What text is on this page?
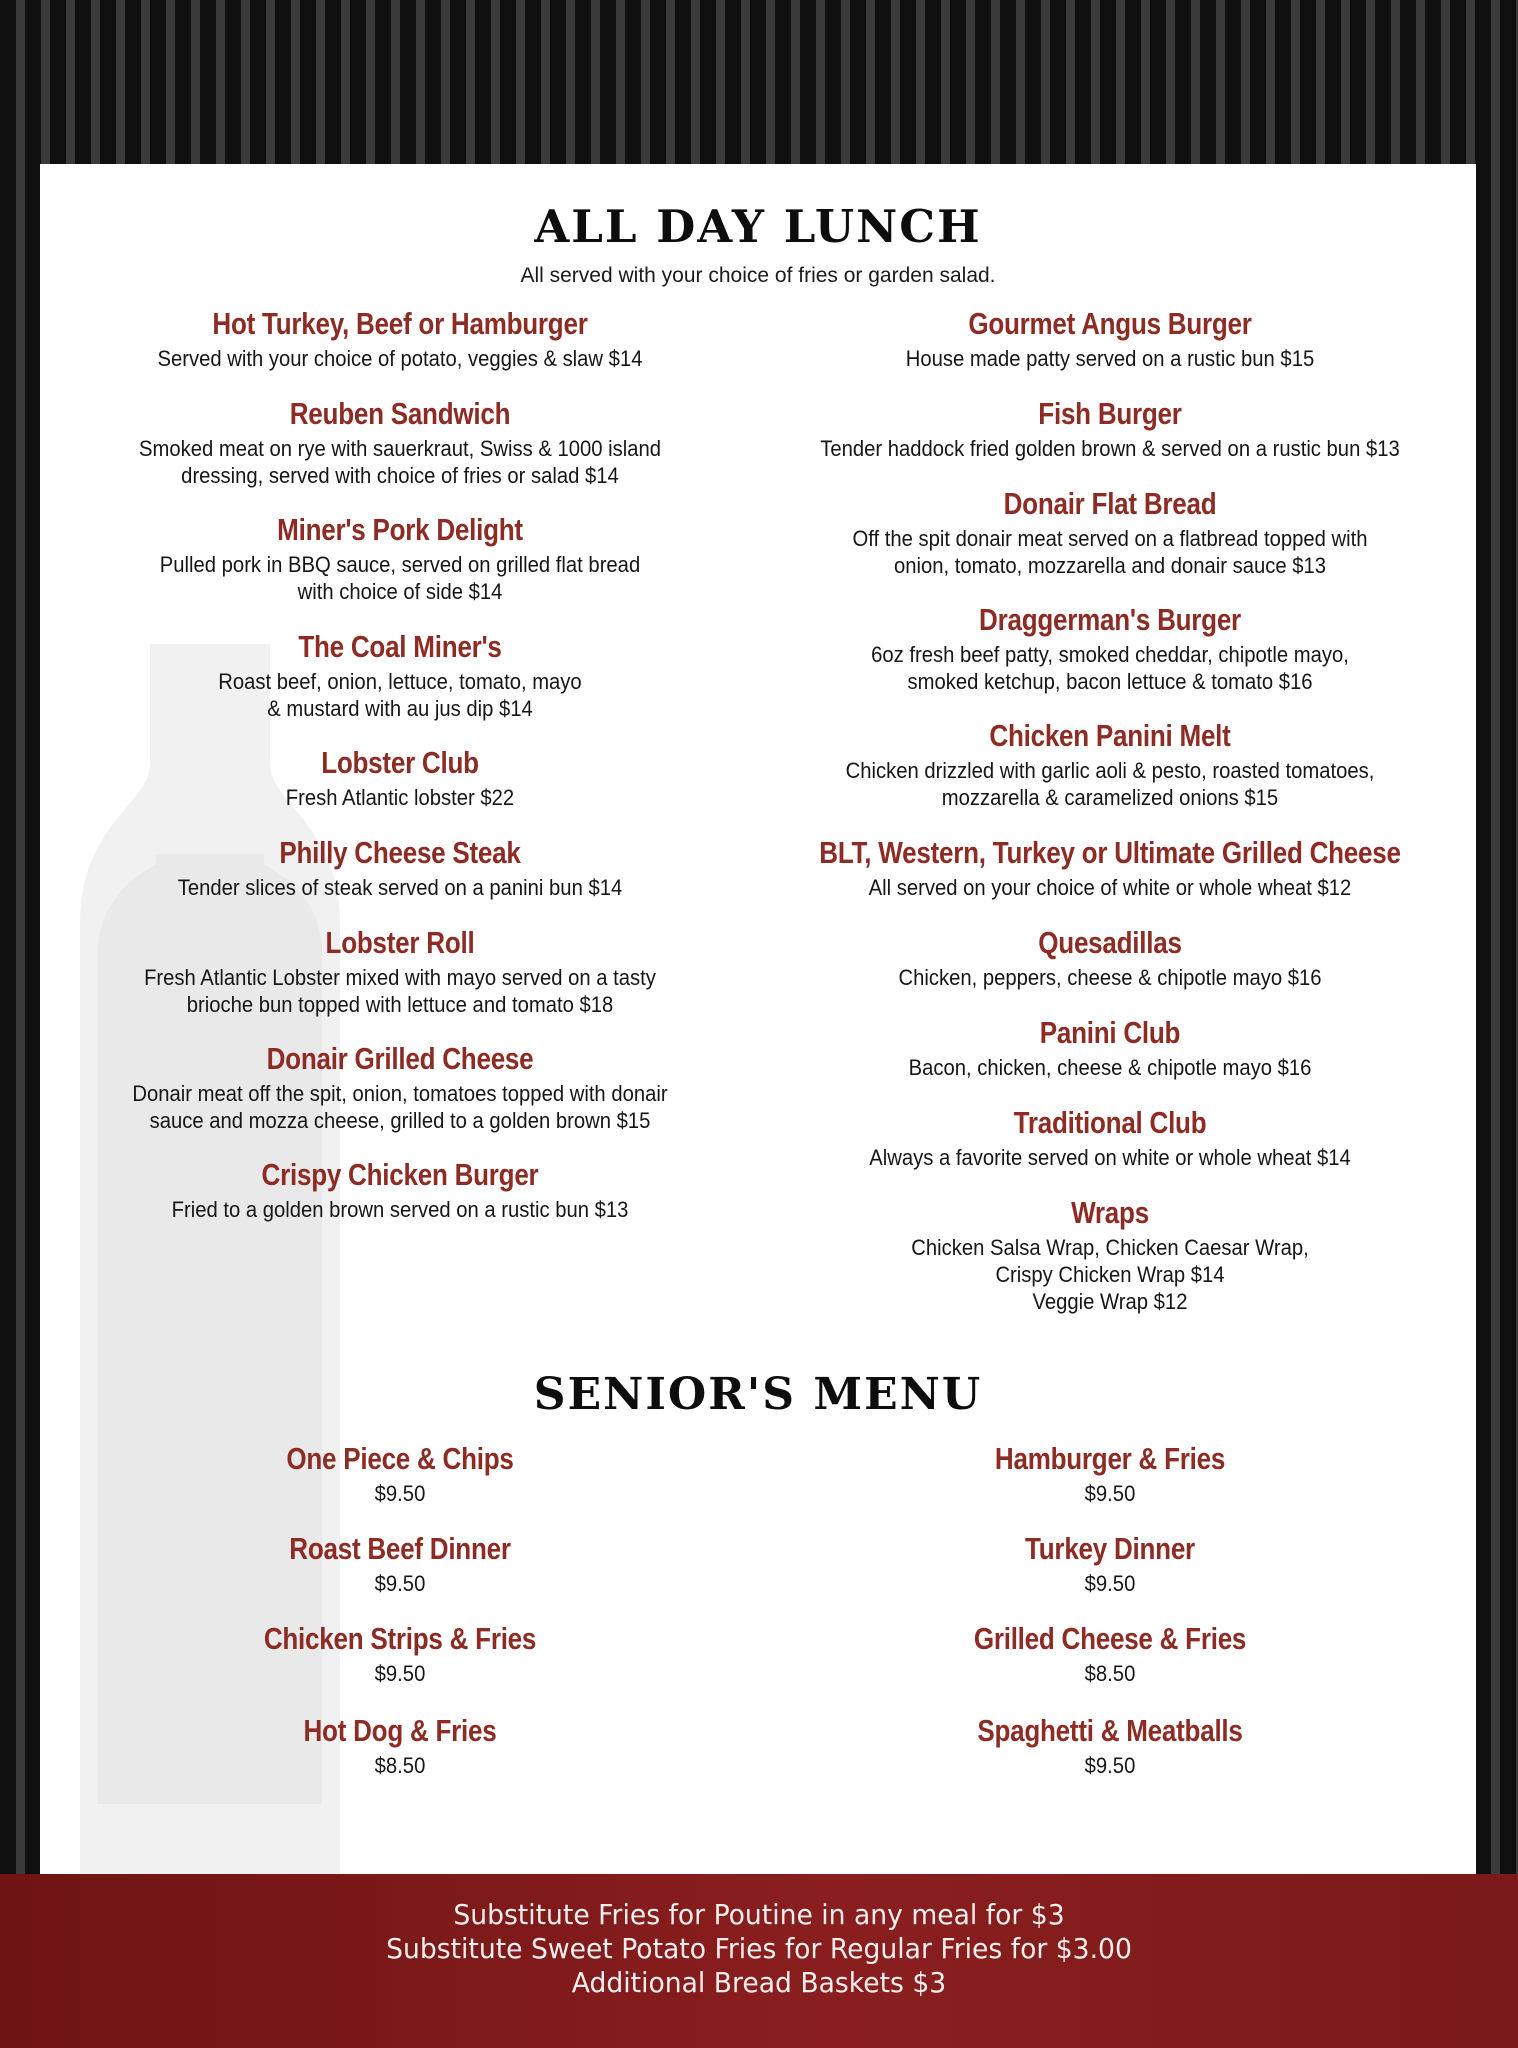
ALL DAY LUNCH

All served with your choice of fries or garden salad.

Hot Turkey, Beef or Hamburger
Served with your choice of potato, veggies & slaw $14
Reuben Sandwich
Smoked meat on rye with sauerkraut, Swiss & 1000 island
dressing, served with choice of fries or salad $14
Miner's Pork Delight
Pulled pork in BBQ sauce, served on grilled flat bread
with choice of side $14
The Coal Miner's
Roast beef, onion, lettuce, tomato, mayo
& mustard with au jus dip $14
Lobster Club
Fresh Atlantic lobster $22
Philly Cheese Steak
Tender slices of steak served on a panini bun $14
Lobster Roll
Fresh Atlantic Lobster mixed with mayo served on a tasty
brioche bun topped with lettuce and tomato $18
Donair Grilled Cheese
Donair meat off the spit, onion, tomatoes topped with donair
sauce and mozza cheese, grilled to a golden brown $15
Crispy Chicken Burger
Fried to a golden brown served on a rustic bun $13
Gourmet Angus Burger
House made patty served on a rustic bun $15
Fish Burger
Tender haddock fried golden brown & served on a rustic bun $13
Donair Flat Bread
Off the spit donair meat served on a flatbread topped with
onion, tomato, mozzarella and donair sauce $13
Draggerman's Burger
6oz fresh beef patty, smoked cheddar, chipotle mayo,
smoked ketchup, bacon lettuce & tomato $16
Chicken Panini Melt
Chicken drizzled with garlic aoli & pesto, roasted tomatoes,
mozzarella & caramelized onions $15
BLT, Western, Turkey or Ultimate Grilled Cheese
All served on your choice of white or whole wheat $12
Quesadillas
Chicken, peppers, cheese & chipotle mayo $16
Panini Club
Bacon, chicken, cheese & chipotle mayo $16
Traditional Club
Always a favorite served on white or whole wheat $14
Wraps
Chicken Salsa Wrap, Chicken Caesar Wrap,
Crispy Chicken Wrap $14
Veggie Wrap $12
SENIOR'S MENU
One Piece & Chips
$9.50
Roast Beef Dinner
$9.50
Chicken Strips & Fries
$9.50
Hot Dog & Fries
$8.50
Hamburger & Fries
$9.50
Turkey Dinner
$9.50
Grilled Cheese & Fries
$8.50
Spaghetti & Meatballs
$9.50
Substitute Fries for Poutine in any meal for $3
Substitute Sweet Potato Fries for Regular Fries for $3.00
Additional Bread Baskets $3
